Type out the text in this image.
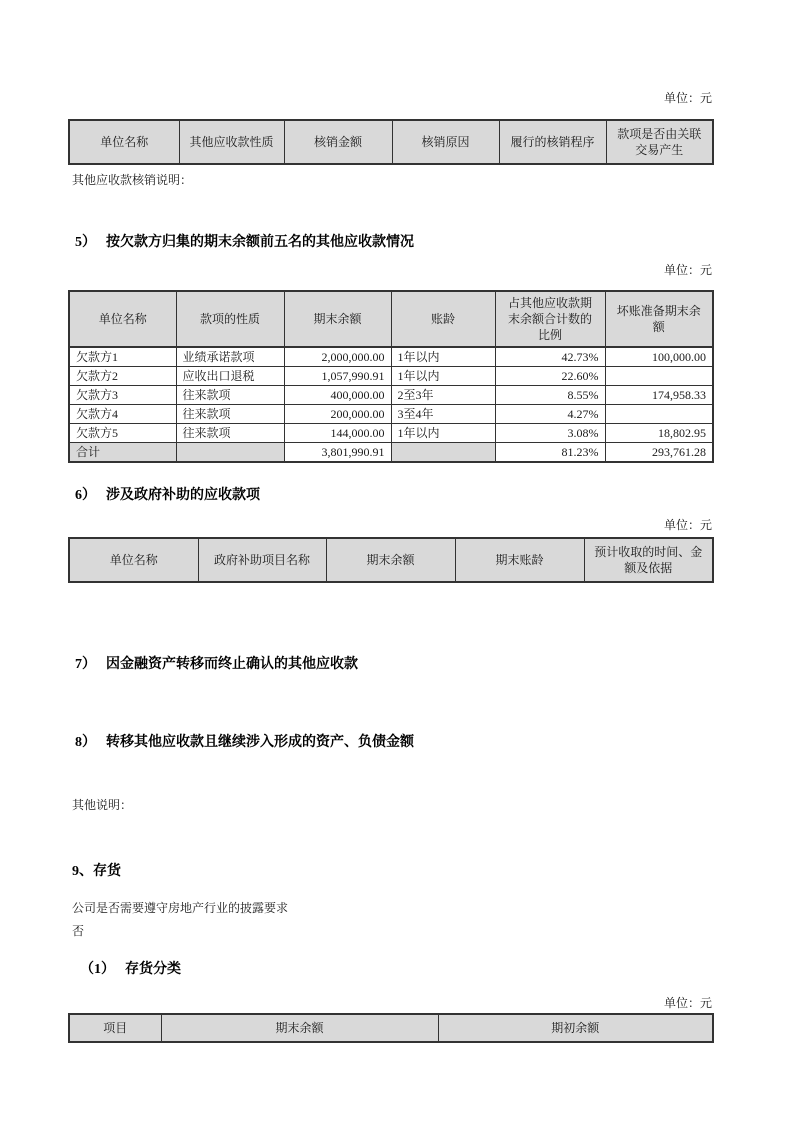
单位：元
单位名称	其他应收款性质	核销金额	核销原因	履行的核销程序	款项是否由关联交易产生
其他应收款核销说明：
5） 按欠款方归集的期末余额前五名的其他应收款情况
单位：元
单位名称	款项的性质	期末余额	账龄	占其他应收款期末余额合计数的比例	坏账准备期末余额
欠款方1	业绩承诺款项	2,000,000.00	1年以内	42.73%	100,000.00
欠款方2	应收出口退税	1,057,990.91	1年以内	22.60%	
欠款方3	往来款项	400,000.00	2至3年	8.55%	174,958.33
欠款方4	往来款项	200,000.00	3至4年	4.27%	
欠款方5	往来款项	144,000.00	1年以内	3.08%	18,802.95
合计		3,801,990.91		81.23%	293,761.28
6） 涉及政府补助的应收款项
单位：元
单位名称	政府补助项目名称	期末余额	期末账龄	预计收取的时间、金额及依据
7） 因金融资产转移而终止确认的其他应收款
8） 转移其他应收款且继续涉入形成的资产、负债金额
其他说明：
9、存货
公司是否需要遵守房地产行业的披露要求
否
（1） 存货分类
单位：元
项目	期末余额	期初余额
